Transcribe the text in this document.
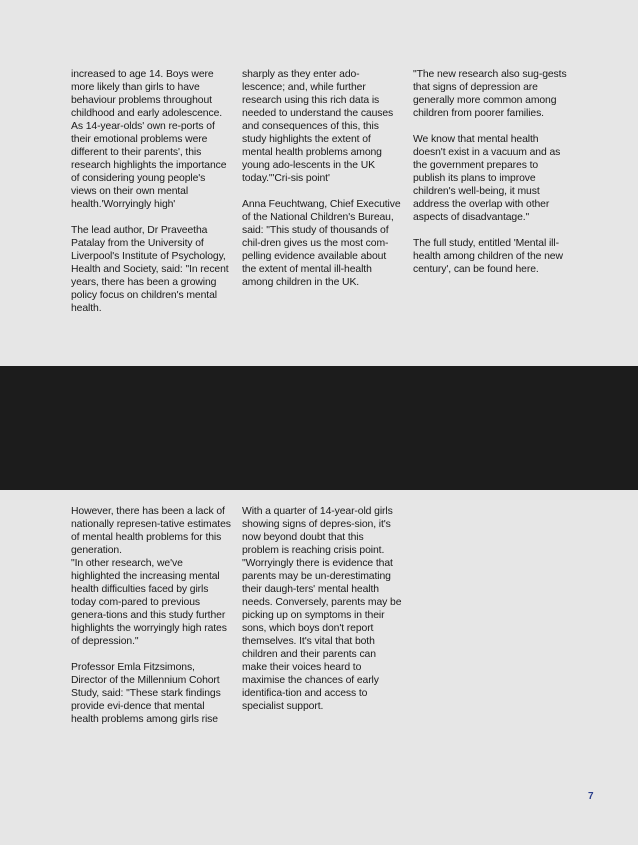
increased to age 14. Boys were more likely than girls to have behaviour problems throughout childhood and early adolescence.
As 14-year-olds' own re-ports of their emotional problems were different to their parents', this research highlights the importance of considering young people's views on their own mental health.'Worryingly high'

The lead author, Dr Praveetha Patalay from the University of Liverpool's Institute of Psychology, Health and Society, said: "In recent years, there has been a growing policy focus on children's mental health.

sharply as they enter ado-lescence; and, while further research using this rich data is needed to understand the causes and consequences of this, this study highlights the extent of mental health problems among young ado-lescents in the UK today."'Cri-sis point'

Anna Feuchtwang, Chief Executive of the National Children's Bureau, said: "This study of thousands of chil-dren gives us the most com-pelling evidence available about the extent of mental ill-health among children in the UK.

"The new research also sug-gests that signs of depression are generally more common among children from poorer families.

We know that mental health doesn't exist in a vacuum and as the government prepares to publish its plans to improve children's well-being, it must address the overlap with other aspects of disadvantage."

The full study, entitled 'Mental ill-health among children of the new century', can be found here.

However, there has been a lack of nationally represen-tative estimates of mental health problems for this generation.
"In other research, we've highlighted the increasing mental health difficulties faced by girls today com-pared to previous genera-tions and this study further highlights the worryingly high rates of depression."

Professor Emla Fitzsimons, Director of the Millennium Cohort Study, said: "These stark findings provide evi-dence that mental health problems among girls rise

With a quarter of 14-year-old girls showing signs of depres-sion, it's now beyond doubt that this problem is reaching crisis point.
"Worryingly there is evidence that parents may be un-derestimating their daugh-ters' mental health needs. Conversely, parents may be picking up on symptoms in their sons, which boys don't report themselves. It's vital that both children and their parents can make their voices heard to maximise the chances of early identifica-tion and access to specialist support.

7
